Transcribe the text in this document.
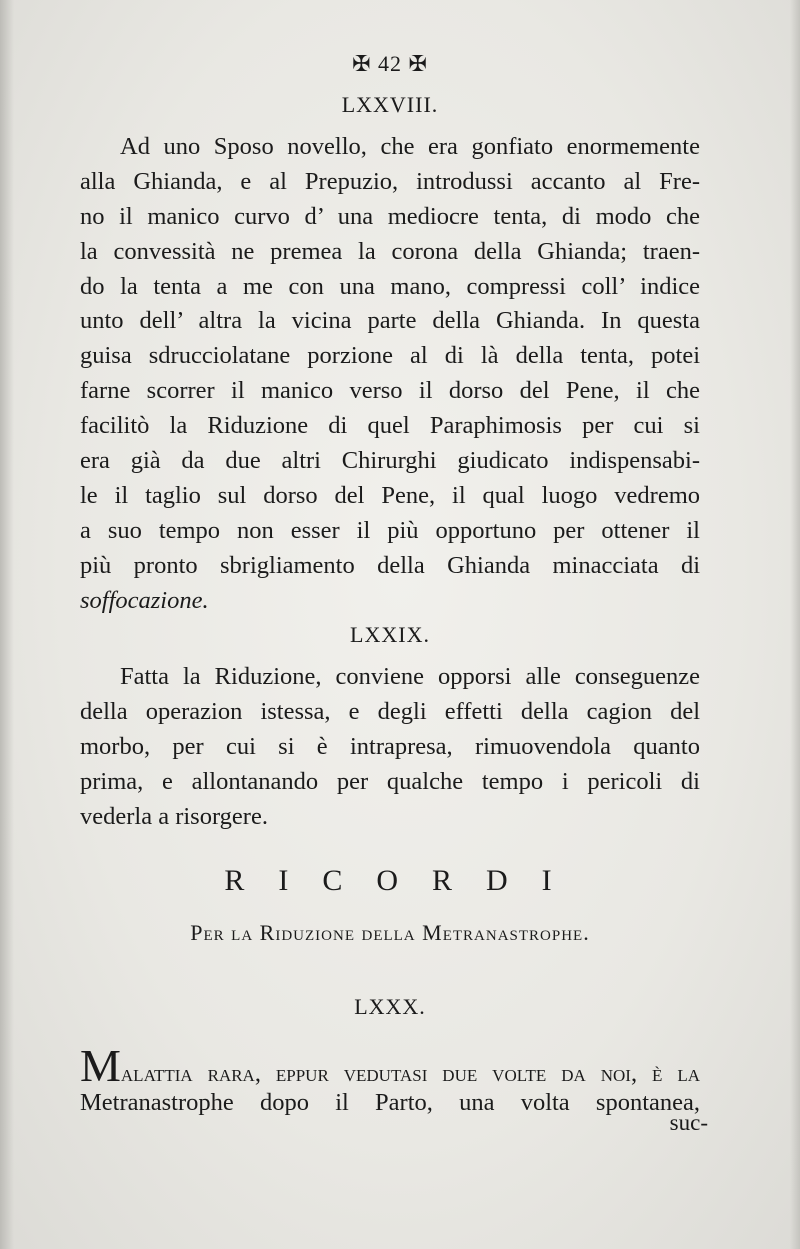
✠ 42 ✠
LXXVIII.
Ad uno Sposo novello, che era gonfiato enormemente
alla Ghianda, e al Prepuzio, introdussi accanto al Fre-
no il manico curvo d’ una mediocre tenta, di modo che
la convessità ne premea la corona della Ghianda; traen-
do la tenta a me con una mano, compressi coll’ indice
unto dell’ altra la vicina parte della Ghianda. In questa
guisa sdrucciolatane porzione al di là della tenta, potei
farne scorrer il manico verso il dorso del Pene, il che
facilitò la Riduzione di quel Paraphimosis per cui si
era già da due altri Chirurghi giudicato indispensabi-
le il taglio sul dorso del Pene, il qual luogo vedremo
a suo tempo non esser il più opportuno per ottener il
più pronto sbrigliamento della Ghianda minacciata di
soffocazione.
LXXIX.
Fatta la Riduzione, conviene opporsi alle conseguenze
della operazion istessa, e degli effetti della cagion del
morbo, per cui si è intrapresa, rimuovendola quanto
prima, e allontanando per qualche tempo i pericoli di
vederla a risorgere.
RICORDI
Per la Riduzione della Metranastrophe.
LXXX.
Malattia rara, eppur vedutasi due volte da noi, è la
Metranastrophe dopo il Parto, una volta spontanea,
suc-
